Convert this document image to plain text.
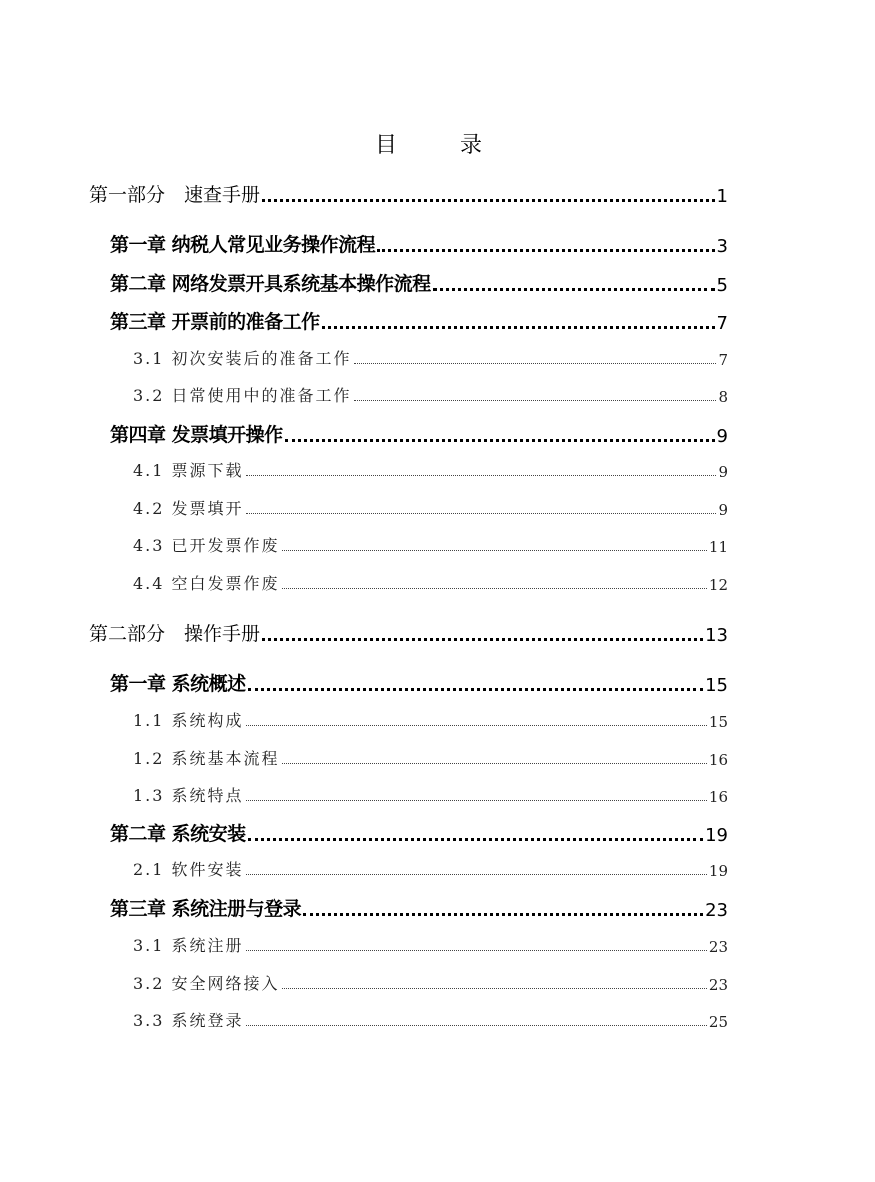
目 录
第一部分　速查手册	1
第一章 纳税人常见业务操作流程	3
第二章 网络发票开具系统基本操作流程	5
第三章 开票前的准备工作	7
3.1 初次安装后的准备工作	7
3.2 日常使用中的准备工作	8
第四章 发票填开操作	9
4.1 票源下载	9
4.2 发票填开	9
4.3 已开发票作废	11
4.4 空白发票作废	12
第二部分　操作手册	13
第一章 系统概述	15
1.1 系统构成	15
1.2 系统基本流程	16
1.3 系统特点	16
第二章 系统安装	19
2.1 软件安装	19
第三章 系统注册与登录	23
3.1 系统注册	23
3.2 安全网络接入	23
3.3 系统登录	25
